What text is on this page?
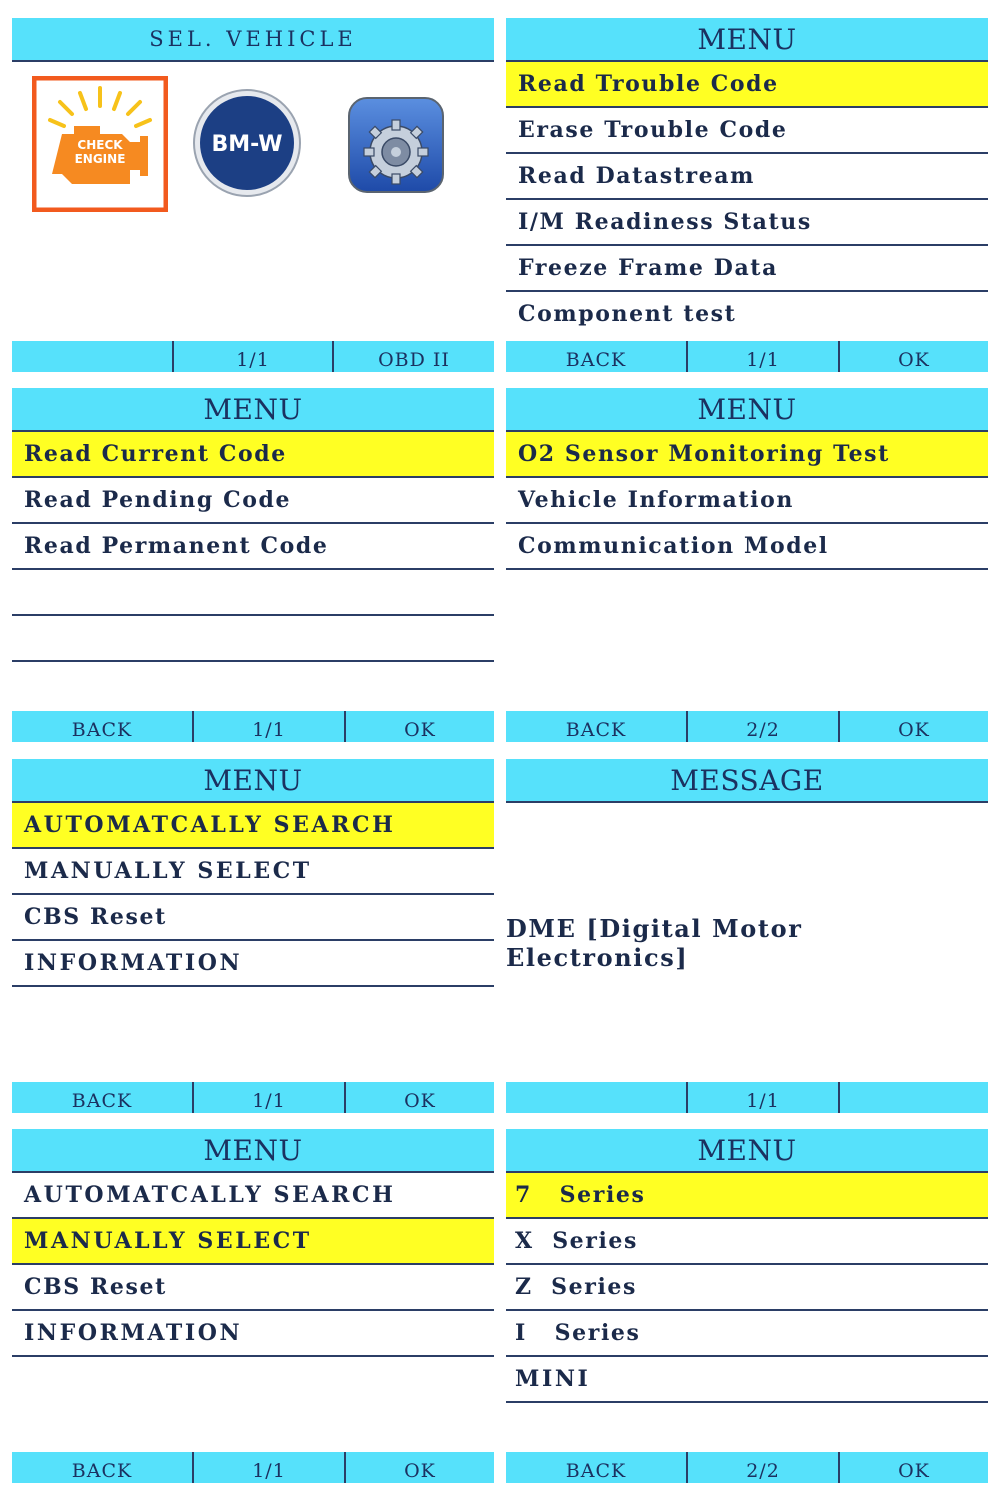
SEL. VEHICLE
CHECK
ENGINE
BM-W
1/1	OBD II
MENU
Read Trouble Code
Erase Trouble Code
Read Datastream
I/M Readiness Status
Freeze Frame Data
Component test
BACK	1/1	OK
MENU
Read Current Code
Read Pending Code
Read Permanent Code
BACK	1/1	OK
MENU
O2 Sensor Monitoring Test
Vehicle Information
Communication Model
BACK	2/2	OK
MENU
AUTOMATCALLY SEARCH
MANUALLY SELECT
CBS Reset
INFORMATION
BACK	1/1	OK
MESSAGE
DME [Digital Motor Electronics]
1/1
MENU
AUTOMATCALLY SEARCH
MANUALLY SELECT
CBS Reset
INFORMATION
BACK	1/1	OK
MENU
7   Series
X  Series
Z  Series
I   Series
MINI
BACK	2/2	OK
